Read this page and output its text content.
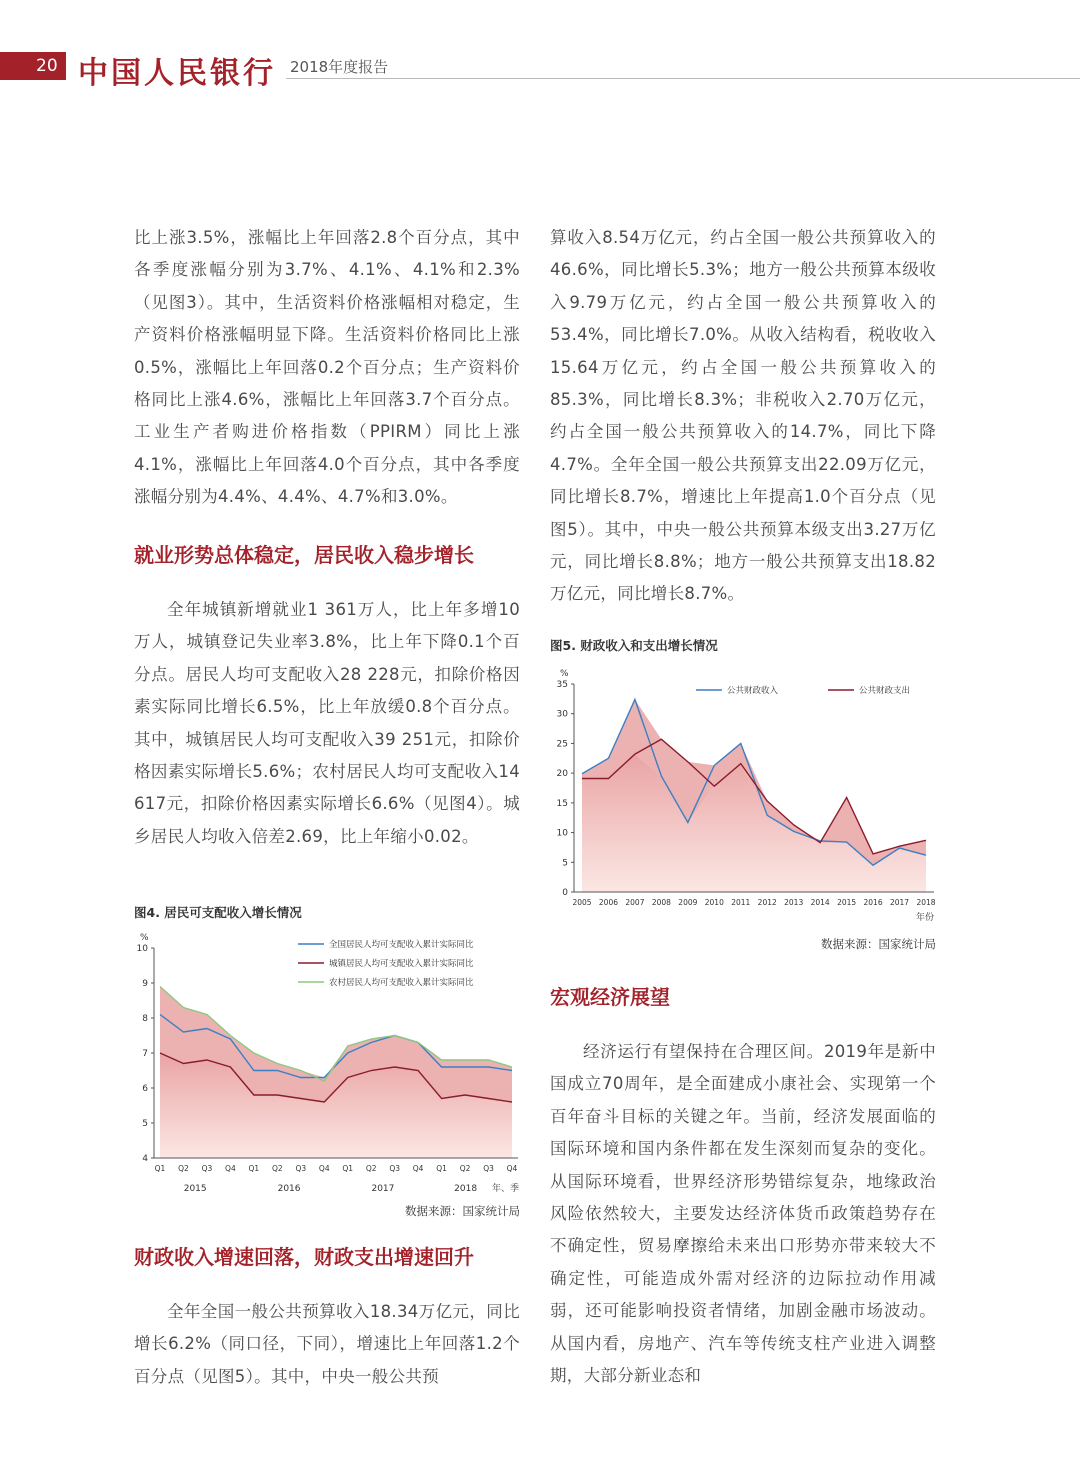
20 中国人民银行 2018年度报告

比上涨3.5%，涨幅比上年回落2.8个百分点，其中各季度涨幅分别为3.7%、4.1%、4.1%和2.3%（见图3）。其中，生活资料价格涨幅相对稳定，生产资料价格涨幅明显下降。生活资料价格同比上涨0.5%，涨幅比上年回落0.2个百分点；生产资料价格同比上涨4.6%，涨幅比上年回落3.7个百分点。工业生产者购进价格指数（PPIRM）同比上涨4.1%，涨幅比上年回落4.0个百分点，其中各季度涨幅分别为4.4%、4.4%、4.7%和3.0%。

就业形势总体稳定，居民收入稳步增长

全年城镇新增就业1 361万人，比上年多增10万人，城镇登记失业率3.8%，比上年下降0.1个百分点。居民人均可支配收入28 228元，扣除价格因素实际同比增长6.5%，比上年放缓0.8个百分点。其中，城镇居民人均可支配收入39 251元，扣除价格因素实际增长5.6%；农村居民人均可支配收入14 617元，扣除价格因素实际增长6.6%（见图4）。城乡居民人均收入倍差2.69，比上年缩小0.02。

图4. 居民可支配收入增长情况

4
5
6
7
8
9
10
%
Q1 Q2 Q3 Q4 Q1 Q2 Q3 Q4 Q1 Q2 Q3 Q4 Q1 Q2 Q3 Q4
2015	2016	2017	2018 年、季
全国居民人均可支配收入累计实际同比
城镇居民人均可支配收入累计实际同比
农村居民人均可支配收入累计实际同比

数据来源：国家统计局

财政收入增速回落，财政支出增速回升

全年全国一般公共预算收入18.34万亿元，同比增长6.2%（同口径，下同），增速比上年回落1.2个百分点（见图5）。其中，中央一般公共预

算收入8.54万亿元，约占全国一般公共预算收入的46.6%，同比增长5.3%；地方一般公共预算本级收入9.79万亿元，约占全国一般公共预算收入的53.4%，同比增长7.0%。从收入结构看，税收收入15.64万亿元，约占全国一般公共预算收入的85.3%，同比增长8.3%；非税收入2.70万亿元，约占全国一般公共预算收入的14.7%，同比下降4.7%。全年全国一般公共预算支出22.09万亿元，同比增长8.7%，增速比上年提高1.0个百分点（见图5）。其中，中央一般公共预算本级支出3.27万亿元，同比增长8.8%；地方一般公共预算支出18.82万亿元，同比增长8.7%。

图5. 财政收入和支出增长情况

0
5
10
15
20
25
30
35
%
2005 2006 2007 2008 2009 2010 2011 2012 2013 2014 2015 2016 2017 2018
年份
公共财政收入	公共财政支出

数据来源：国家统计局

宏观经济展望

经济运行有望保持在合理区间。2019年是新中国成立70周年，是全面建成小康社会、实现第一个百年奋斗目标的关键之年。当前，经济发展面临的国际环境和国内条件都在发生深刻而复杂的变化。从国际环境看，世界经济形势错综复杂，地缘政治风险依然较大，主要发达经济体货币政策趋势存在不确定性，贸易摩擦给未来出口形势亦带来较大不确定性，可能造成外需对经济的边际拉动作用减弱，还可能影响投资者情绪，加剧金融市场波动。从国内看，房地产、汽车等传统支柱产业进入调整期，大部分新业态和
